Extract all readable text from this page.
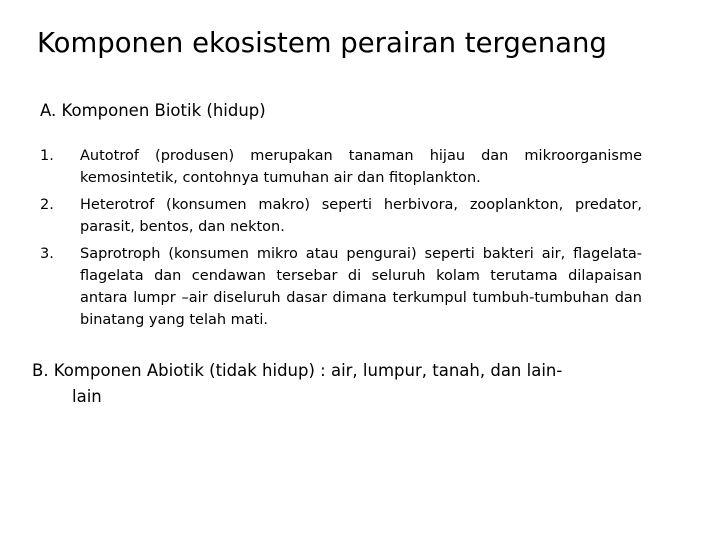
Komponen ekosistem perairan tergenang
A. Komponen Biotik (hidup)
1.	Autotrof (produsen) merupakan tanaman hijau dan mikroorganisme kemosintetik, contohnya tumuhan air dan fitoplankton.
2.	Heterotrof (konsumen makro) seperti herbivora, zooplankton, predator, parasit, bentos, dan nekton.
3.	Saprotroph (konsumen mikro atau pengurai) seperti bakteri air, flagelata-flagelata dan cendawan tersebar di seluruh kolam terutama dilapaisan antara lumpr –air diseluruh dasar dimana terkumpul tumbuh-tumbuhan dan binatang yang telah mati.
B. Komponen Abiotik (tidak hidup) : air, lumpur, tanah, dan lain-
lain
